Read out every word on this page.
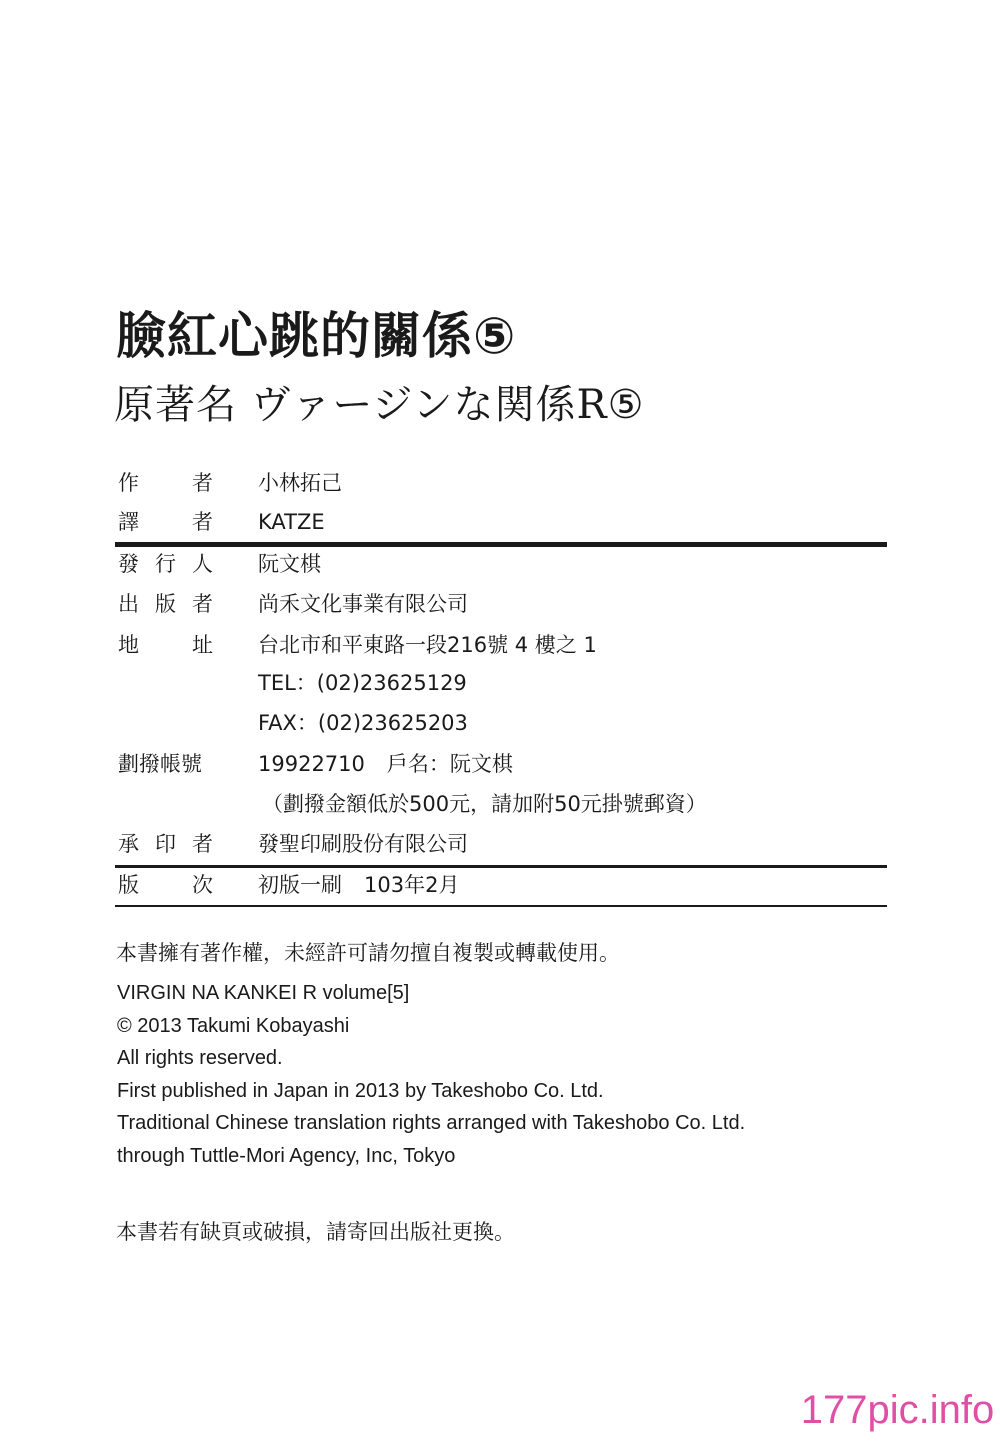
臉紅心跳的關係⑤
原著名 ヴァージンな関係R⑤
作	者 小林拓己
譯	者 KATZE
發 行 人 阮文棋
出 版 者 尚禾文化事業有限公司
地	址 台北市和平東路一段216號 4 樓之 1
TEL：(02)23625129
FAX：(02)23625203
劃撥帳號	19922710 戶名：阮文棋
（劃撥金額低於500元，請加附50元掛號郵資）
承 印 者 發聖印刷股份有限公司
版	次 初版一刷 103年2月
本書擁有著作權，未經許可請勿擅自複製或轉載使用。
VIRGIN NA KANKEI R volume[5]
© 2013 Takumi Kobayashi
All rights reserved.
First published in Japan in 2013 by Takeshobo Co. Ltd.
Traditional Chinese translation rights arranged with Takeshobo Co. Ltd.
through Tuttle-Mori Agency, Inc, Tokyo
本書若有缺頁或破損，請寄回出版社更換。
177pic.info
